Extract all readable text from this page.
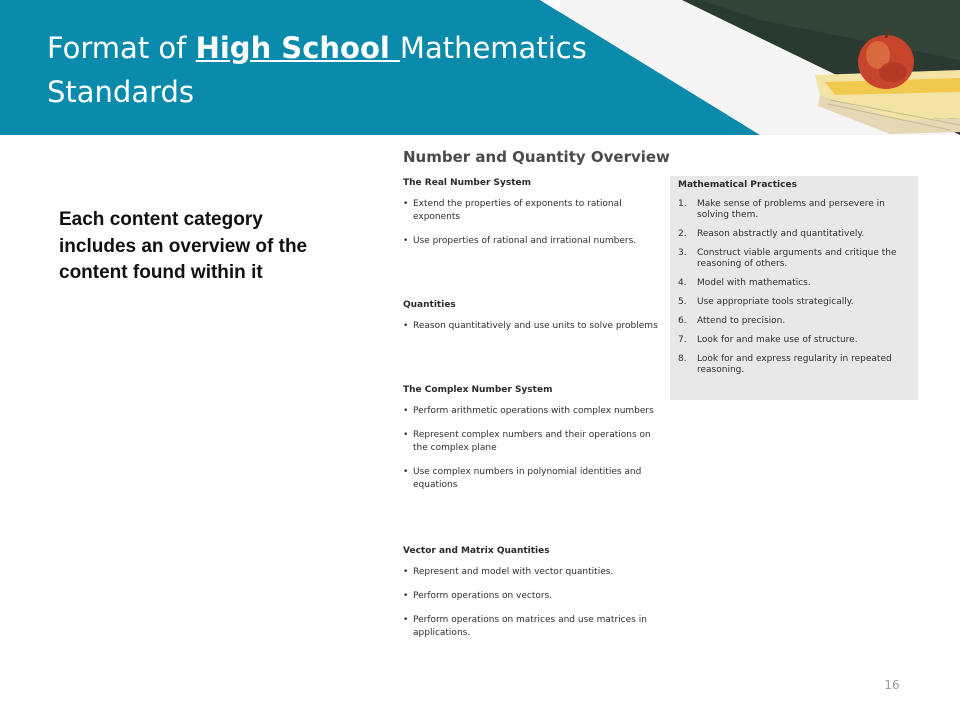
Format of High School Mathematics Standards

Each content category includes an overview of the content found within it

Number and Quantity Overview
The Real Number System
• Extend the properties of exponents to rational exponents
• Use properties of rational and irrational numbers.
Quantities
• Reason quantitatively and use units to solve problems
The Complex Number System
• Perform arithmetic operations with complex numbers
• Represent complex numbers and their operations on the complex plane
• Use complex numbers in polynomial identities and equations
Vector and Matrix Quantities
• Represent and model with vector quantities.
• Perform operations on vectors.
• Perform operations on matrices and use matrices in applications.
Mathematical Practices
1.	Make sense of problems and persevere in solving them.
2.	Reason abstractly and quantitatively.
3.	Construct viable arguments and critique the reasoning of others.
4.	Model with mathematics.
5.	Use appropriate tools strategically.
6.	Attend to precision.
7.	Look for and make use of structure.
8.	Look for and express regularity in repeated reasoning.
16
